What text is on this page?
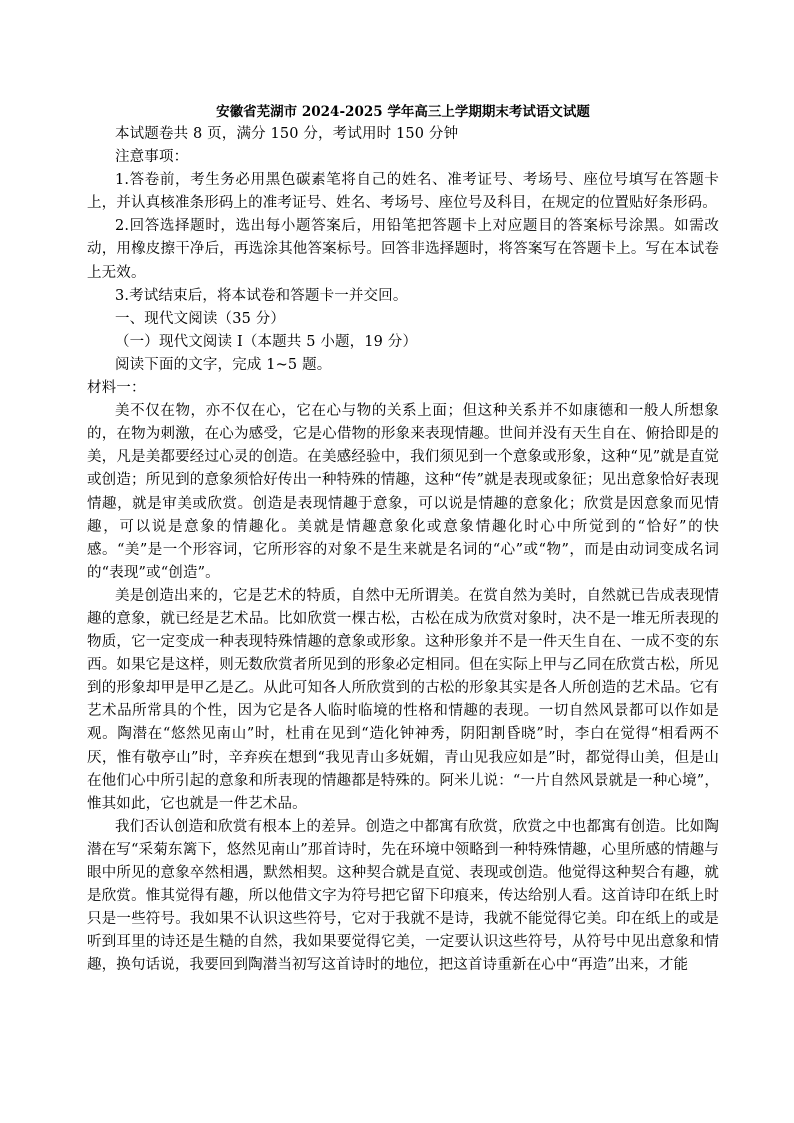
安徽省芜湖市 2024-2025 学年高三上学期期末考试语文试题

本试题卷共 8 页，满分 150 分，考试用时 150 分钟

注意事项：

1.答卷前，考生务必用黑色碳素笔将自己的姓名、准考证号、考场号、座位号填写在答题卡上，并认真核准条形码上的准考证号、姓名、考场号、座位号及科目，在规定的位置贴好条形码。

2.回答选择题时，选出每小题答案后，用铅笔把答题卡上对应题目的答案标号涂黑。如需改动，用橡皮擦干净后，再选涂其他答案标号。回答非选择题时，将答案写在答题卡上。写在本试卷上无效。

3.考试结束后，将本试卷和答题卡一并交回。

一、现代文阅读（35 分）

（一）现代文阅读 I（本题共 5 小题，19 分）

阅读下面的文字，完成 1~5 题。

材料一：

美不仅在物，亦不仅在心，它在心与物的关系上面；但这种关系并不如康德和一般人所想象的，在物为刺激，在心为感受，它是心借物的形象来表现情趣。世间并没有天生自在、俯拾即是的美，凡是美都要经过心灵的创造。在美感经验中，我们须见到一个意象或形象，这种“见”就是直觉或创造；所见到的意象须恰好传出一种特殊的情趣，这种“传”就是表现或象征；见出意象恰好表现情趣，就是审美或欣赏。创造是表现情趣于意象，可以说是情趣的意象化；欣赏是因意象而见情趣，可以说是意象的情趣化。美就是情趣意象化或意象情趣化时心中所觉到的“恰好”的快感。“美”是一个形容词，它所形容的对象不是生来就是名词的“心”或“物”，而是由动词变成名词的“表现”或“创造”。

美是创造出来的，它是艺术的特质，自然中无所谓美。在赏自然为美时，自然就已告成表现情趣的意象，就已经是艺术品。比如欣赏一棵古松，古松在成为欣赏对象时，决不是一堆无所表现的物质，它一定变成一种表现特殊情趣的意象或形象。这种形象并不是一件天生自在、一成不变的东西。如果它是这样，则无数欣赏者所见到的形象必定相同。但在实际上甲与乙同在欣赏古松，所见到的形象却甲是甲乙是乙。从此可知各人所欣赏到的古松的形象其实是各人所创造的艺术品。它有艺术品所常具的个性，因为它是各人临时临境的性格和情趣的表现。一切自然风景都可以作如是观。陶潜在“悠然见南山”时，杜甫在见到“造化钟神秀，阴阳割昏晓”时，李白在觉得“相看两不厌，惟有敬亭山”时，辛弃疾在想到“我见青山多妩媚，青山见我应如是”时，都觉得山美，但是山在他们心中所引起的意象和所表现的情趣都是特殊的。阿米儿说：“一片自然风景就是一种心境”，惟其如此，它也就是一件艺术品。

我们否认创造和欣赏有根本上的差异。创造之中都寓有欣赏，欣赏之中也都寓有创造。比如陶潜在写“采菊东篱下，悠然见南山”那首诗时，先在环境中领略到一种特殊情趣，心里所感的情趣与眼中所见的意象卒然相遇，默然相契。这种契合就是直觉、表现或创造。他觉得这种契合有趣，就是欣赏。惟其觉得有趣，所以他借文字为符号把它留下印痕来，传达给别人看。这首诗印在纸上时只是一些符号。我如果不认识这些符号，它对于我就不是诗，我就不能觉得它美。印在纸上的或是听到耳里的诗还是生糙的自然，我如果要觉得它美，一定要认识这些符号，从符号中见出意象和情趣，换句话说，我要回到陶潜当初写这首诗时的地位，把这首诗重新在心中“再造”出来，才能
